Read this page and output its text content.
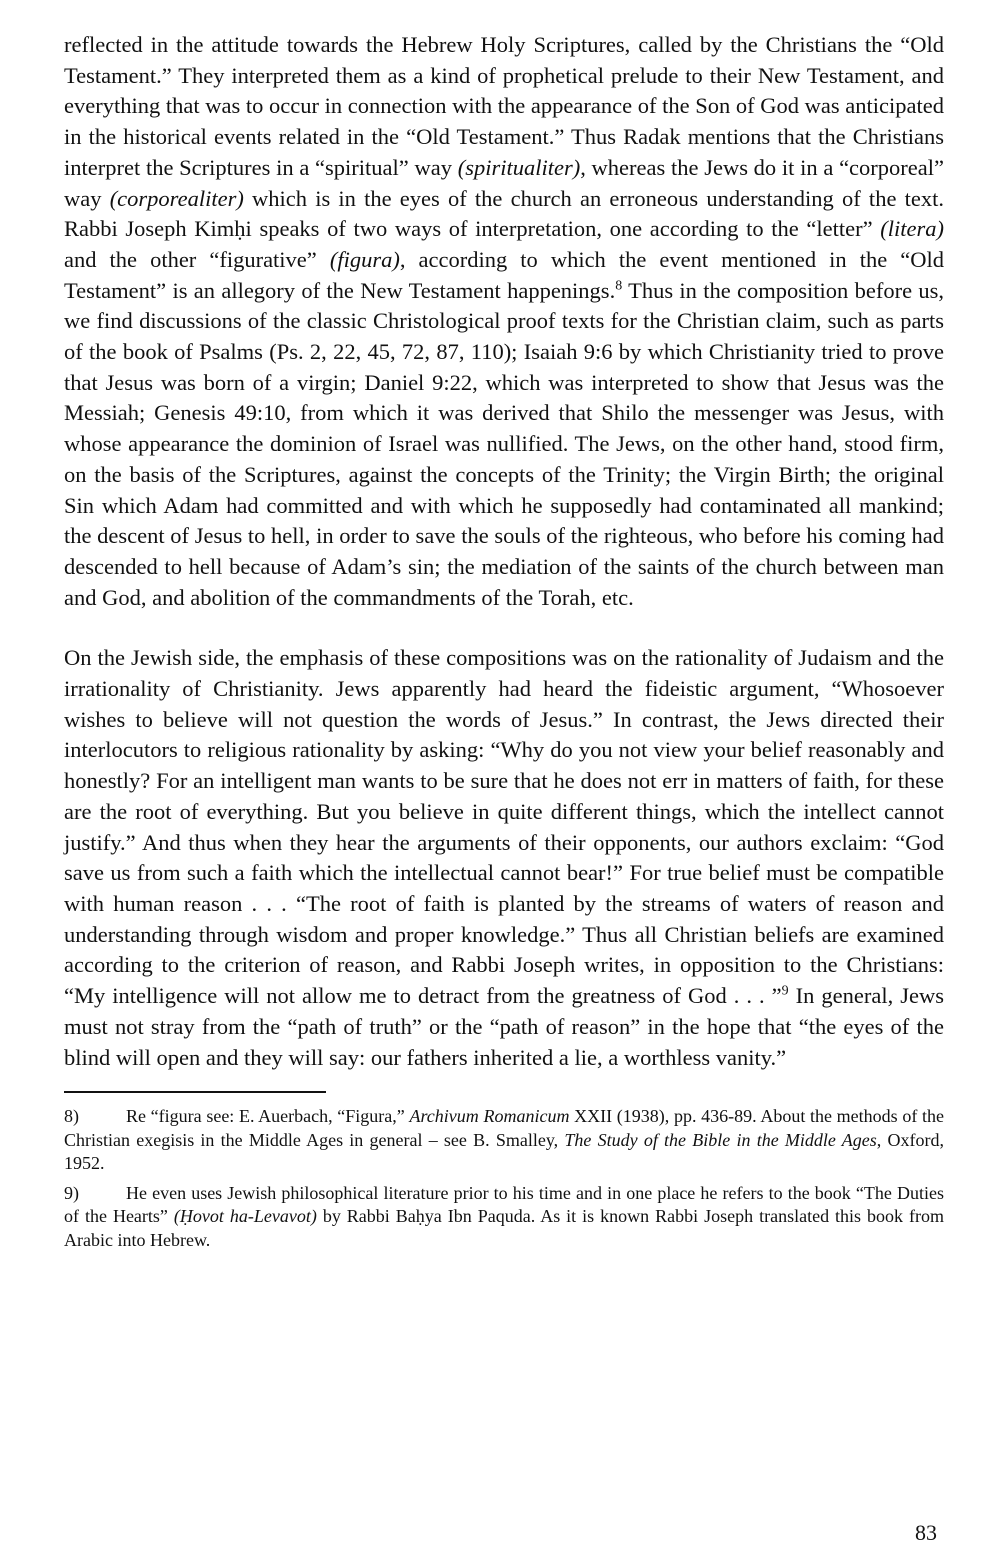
reflected in the attitude towards the Hebrew Holy Scriptures, called by the Christians the “Old Testament.” They interpreted them as a kind of prophetical prelude to their New Testament, and everything that was to occur in connection with the appearance of the Son of God was anticipated in the historical events related in the “Old Testament.” Thus Radak mentions that the Christians interpret the Scriptures in a “spiritual” way (spiritualiter), whereas the Jews do it in a “corporeal” way (corporealiter) which is in the eyes of the church an erroneous understanding of the text. Rabbi Joseph Kimḥi speaks of two ways of interpretation, one according to the “letter” (litera) and the other “figurative” (figura), according to which the event mentioned in the “Old Testament” is an allegory of the New Testament happenings.$^8$ Thus in the composition before us, we find discussions of the classic Christological proof texts for the Christian claim, such as parts of the book of Psalms (Ps. 2, 22, 45, 72, 87, 110); Isaiah 9:6 by which Christianity tried to prove that Jesus was born of a virgin; Daniel 9:22, which was interpreted to show that Jesus was the Messiah; Genesis 49:10, from which it was derived that Shilo the messenger was Jesus, with whose appearance the dominion of Israel was nullified. The Jews, on the other hand, stood firm, on the basis of the Scriptures, against the concepts of the Trinity; the Virgin Birth; the original Sin which Adam had committed and with which he supposedly had contaminated all mankind; the descent of Jesus to hell, in order to save the souls of the righteous, who before his coming had descended to hell because of Adam’s sin; the mediation of the saints of the church between man and God, and abolition of the commandments of the Torah, etc.

On the Jewish side, the emphasis of these compositions was on the rationality of Judaism and the irrationality of Christianity. Jews apparently had heard the fideistic argument, “Whosoever wishes to believe will not question the words of Jesus.” In contrast, the Jews directed their interlocutors to religious rationality by asking: “Why do you not view your belief reasonably and honestly? For an intelligent man wants to be sure that he does not err in matters of faith, for these are the root of everything. But you believe in quite different things, which the intellect cannot justify.” And thus when they hear the arguments of their opponents, our authors exclaim: “God save us from such a faith which the intellectual cannot bear!” For true belief must be compatible with human reason . . . “The root of faith is planted by the streams of waters of reason and understanding through wisdom and proper knowledge.” Thus all Christian beliefs are examined according to the criterion of reason, and Rabbi Joseph writes, in opposition to the Christians: “My intelligence will not allow me to detract from the greatness of God . . . ”$^9$ In general, Jews must not stray from the “path of truth” or the “path of reason” in the hope that “the eyes of the blind will open and they will say: our fathers inherited a lie, a worthless vanity.”

8)	Re “figura see: E. Auerbach, “Figura,” Archivum Romanicum XXII (1938), pp. 436-89. About the methods of the Christian exegisis in the Middle Ages in general – see B. Smalley, The Study of the Bible in the Middle Ages, Oxford, 1952.

9)	He even uses Jewish philosophical literature prior to his time and in one place he refers to the book “The Duties of the Hearts” (Ḥovot ha-Levavot) by Rabbi Baḥya Ibn Paquda. As it is known Rabbi Joseph translated this book from Arabic into Hebrew.

83
